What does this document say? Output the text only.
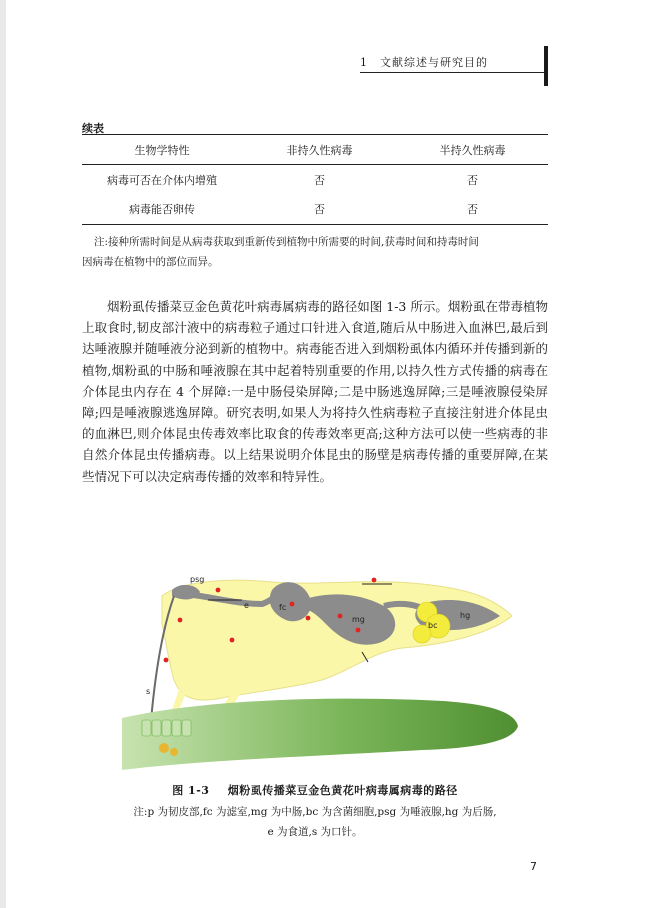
1 文献综述与研究目的
续表
生物学特性	非持久性病毒	半持久性病毒
病毒可否在介体内增殖	否	否
病毒能否卵传	否	否

注:接种所需时间是从病毒获取到重新传到植物中所需要的时间,获毒时间和持毒时间

因病毒在植物中的部位而异。

烟粉虱传播菜豆金色黄花叶病毒属病毒的路径如图 1-3 所示。烟粉虱在带毒植物上取食时,韧皮部汁液中的病毒粒子通过口针进入食道,随后从中肠进入血淋巴,最后到达唾液腺并随唾液分泌到新的植物中。病毒能否进入到烟粉虱体内循环并传播到新的植物,烟粉虱的中肠和唾液腺在其中起着特别重要的作用,以持久性方式传播的病毒在介体昆虫内存在 4 个屏障:一是中肠侵染屏障;二是中肠逃逸屏障;三是唾液腺侵染屏障;四是唾液腺逃逸屏障。研究表明,如果人为将持久性病毒粒子直接注射进介体昆虫的血淋巴,则介体昆虫传毒效率比取食的传毒效率更高;这种方法可以使一些病毒的非自然介体昆虫传播病毒。以上结果说明介体昆虫的肠壁是病毒传播的重要屏障,在某些情况下可以决定病毒传播的效率和特异性。

psg
e	fc
mg
bc
hg
s
图 1-3 烟粉虱传播菜豆金色黄花叶病毒属病毒的路径

注:p 为韧皮部,fc 为滤室,mg 为中肠,bc 为含菌细胞,psg 为唾液腺,hg 为后肠,

e 为食道,s 为口针。

7
